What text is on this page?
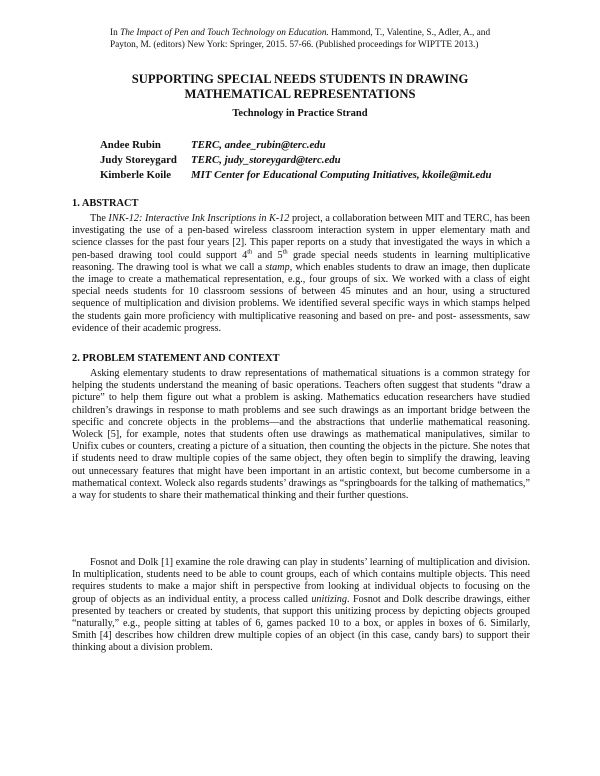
In The Impact of Pen and Touch Technology on Education. Hammond, T., Valentine, S., Adler, A., and
Payton, M. (editors) New York: Springer, 2015. 57-66. (Published proceedings for WIPTTE 2013.)
SUPPORTING SPECIAL NEEDS STUDENTS IN DRAWING
MATHEMATICAL REPRESENTATIONS
Technology in Practice Strand
Andee Rubin	TERC, andee_rubin@terc.edu
Judy Storeygard	TERC, judy_storeygard@terc.edu
Kimberle Koile	MIT Center for Educational Computing Initiatives, kkoile@mit.edu
1. ABSTRACT
The INK-12: Interactive Ink Inscriptions in K-12 project, a collaboration between MIT and TERC, has been investigating the use of a pen-based wireless classroom interaction system in upper elementary math and science classes for the past four years [2]. This paper reports on a study that investigated the ways in which a pen-based drawing tool could support 4th and 5th grade special needs students in learning multiplicative reasoning. The drawing tool is what we call a stamp, which enables students to draw an image, then duplicate the image to create a mathematical representation, e.g., four groups of six. We worked with a class of eight special needs students for 10 classroom sessions of between 45 minutes and an hour, using a structured sequence of multiplication and division problems. We identified several specific ways in which stamps helped the students gain more proficiency with multiplicative reasoning and based on pre- and post- assessments, saw evidence of their academic progress.
2. PROBLEM STATEMENT AND CONTEXT
Asking elementary students to draw representations of mathematical situations is a common strategy for helping the students understand the meaning of basic operations. Teachers often suggest that students “draw a picture” to help them figure out what a problem is asking. Mathematics education researchers have studied children’s drawings in response to math problems and see such drawings as an important bridge between the specific and concrete objects in the problems—and the abstractions that underlie mathematical reasoning. Woleck [5], for example, notes that students often use drawings as mathematical manipulatives, similar to Unifix cubes or counters, creating a picture of a situation, then counting the objects in the picture. She notes that if students need to draw multiple copies of the same object, they often begin to simplify the drawing, leaving out unnecessary features that might have been important in an artistic context, but become cumbersome in a mathematical context. Woleck also regards students’ drawings as “springboards for the talking of mathematics,” a way for students to share their mathematical thinking and their further questions.
Fosnot and Dolk [1] examine the role drawing can play in students’ learning of multiplication and division. In multiplication, students need to be able to count groups, each of which contains multiple objects. This need requires students to make a major shift in perspective from looking at individual objects to focusing on the group of objects as an individual entity, a process called unitizing. Fosnot and Dolk describe drawings, either presented by teachers or created by students, that support this unitizing process by depicting objects grouped “naturally,” e.g., people sitting at tables of 6, games packed 10 to a box, or apples in boxes of 6. Similarly, Smith [4] describes how children drew multiple copies of an object (in this case, candy bars) to support their thinking about a division problem.
